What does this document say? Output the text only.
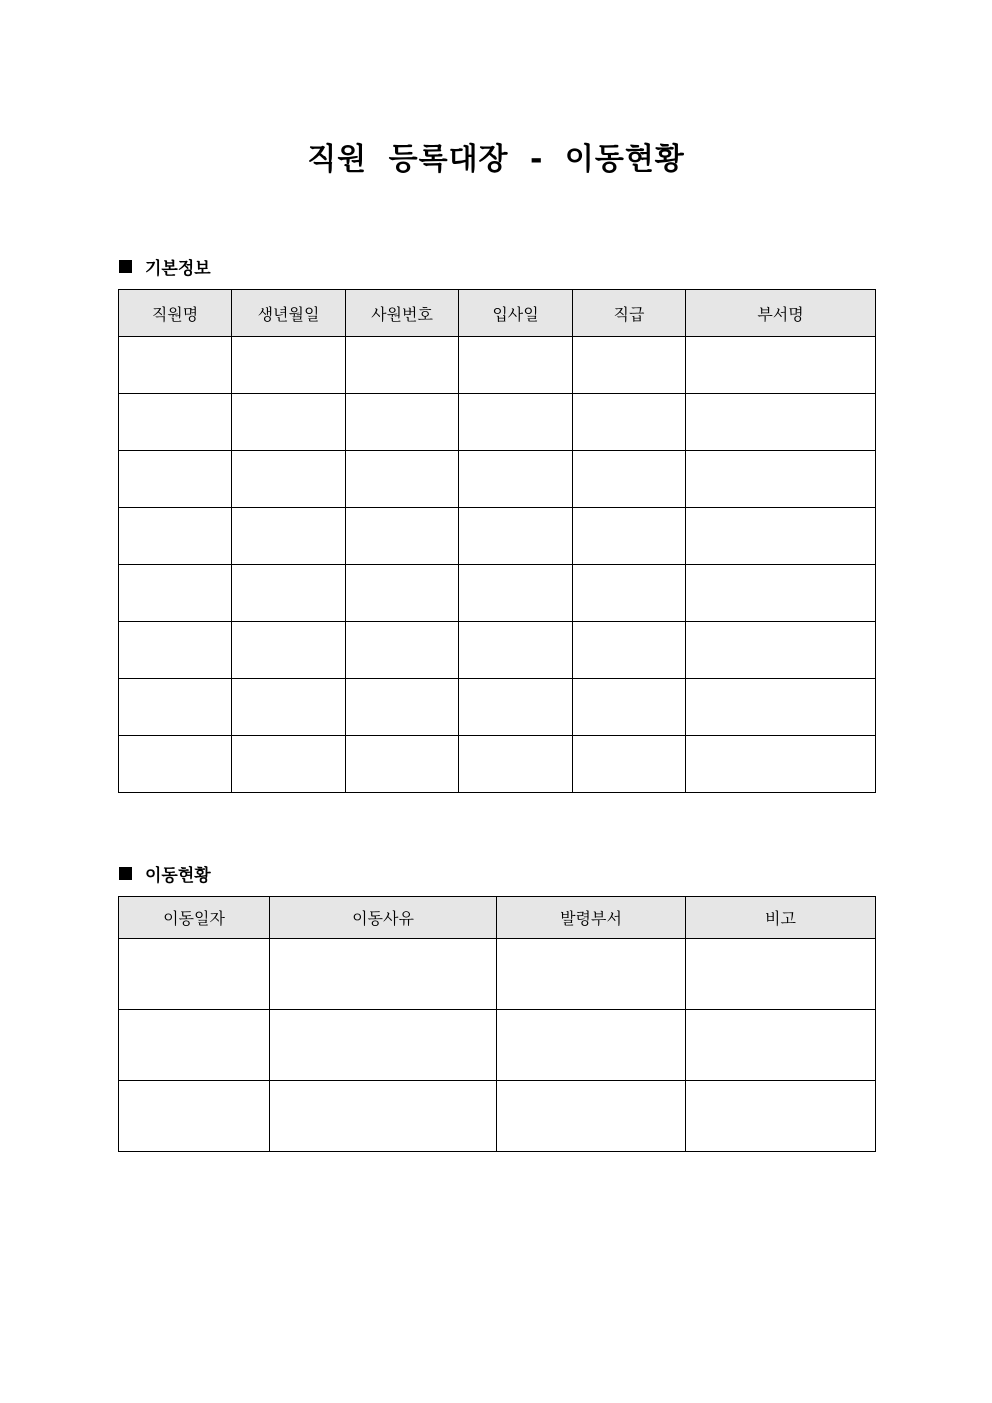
직원 등록대장 - 이동현황
기본정보
직원명	생년월일	사원번호	입사일	직급	부서명

이동현황
이동일자	이동사유	발령부서	비고
